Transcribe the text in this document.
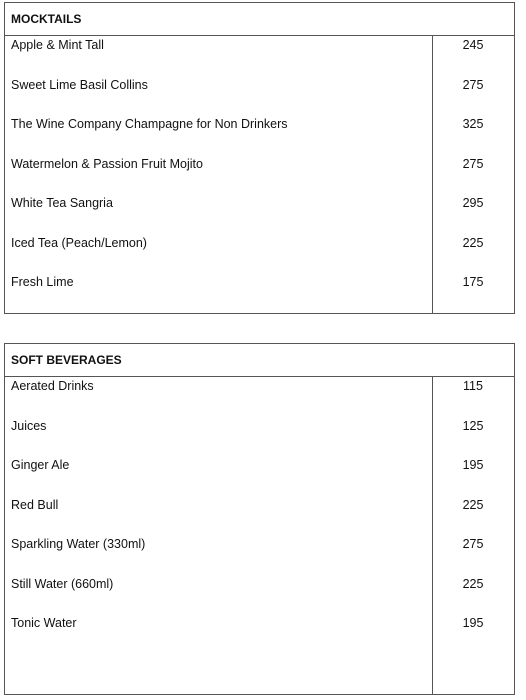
MOCKTAILS
Apple & Mint Tall	245
Sweet Lime Basil Collins	275
The Wine Company Champagne for Non Drinkers	325
Watermelon & Passion Fruit Mojito	275
White Tea Sangria	295
Iced Tea (Peach/Lemon)	225
Fresh Lime	175
SOFT BEVERAGES
Aerated Drinks	115
Juices	125
Ginger Ale	195
Red Bull	225
Sparkling Water (330ml)	275
Still Water (660ml)	225
Tonic Water	195
